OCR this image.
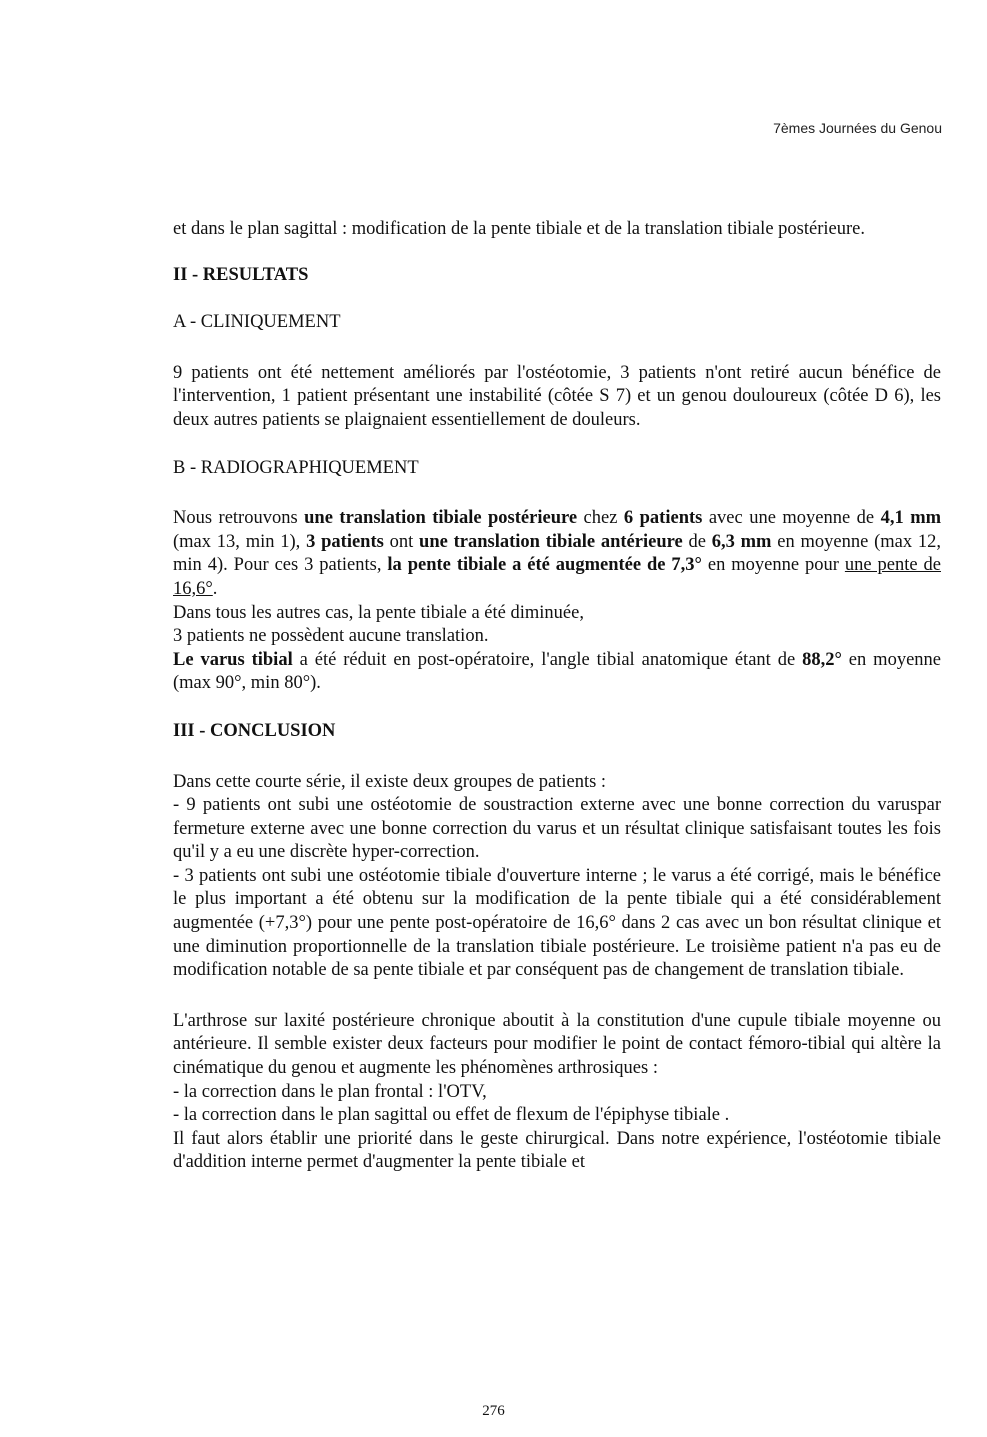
7èmes Journées du Genou

et dans le plan sagittal : modification de la pente tibiale et de la translation tibiale postérieure.

II - RESULTATS
A - CLINIQUEMENT

9 patients ont été nettement améliorés par l'ostéotomie, 3 patients n'ont retiré aucun bénéfice de l'intervention, 1 patient présentant une instabilité (côtée S 7) et un genou douloureux (côtée D 6), les deux autres patients se plaignaient essentiellement de douleurs.

B - RADIOGRAPHIQUEMENT

Nous retrouvons une translation tibiale postérieure chez 6 patients avec une moyenne de 4,1 mm (max 13, min 1), 3 patients ont une translation tibiale antérieure de 6,3 mm en moyenne (max 12, min 4). Pour ces 3 patients, la pente tibiale a été augmentée de 7,3° en moyenne pour une pente de 16,6°.

Dans tous les autres cas, la pente tibiale a été diminuée,

3 patients ne possèdent aucune translation.

Le varus tibial a été réduit en post-opératoire, l'angle tibial anatomique étant de 88,2° en moyenne (max 90°, min 80°).

III - CONCLUSION

Dans cette courte série, il existe deux groupes de patients :

- 9 patients ont subi une ostéotomie de soustraction externe avec une bonne correction du varuspar fermeture externe avec une bonne correction du varus et un résultat clinique satisfaisant toutes les fois qu'il y a eu une discrète hyper-correction.

- 3 patients ont subi une ostéotomie tibiale d'ouverture interne ; le varus a été corrigé, mais le bénéfice le plus important a été obtenu sur la modification de la pente tibiale qui a été considérablement augmentée (+7,3°) pour une pente post-opératoire de 16,6° dans 2 cas avec un bon résultat clinique et une diminution proportionnelle de la translation tibiale postérieure. Le troisième patient n'a pas eu de modification notable de sa pente tibiale et par conséquent pas de changement de translation tibiale.

L'arthrose sur laxité postérieure chronique aboutit à la constitution d'une cupule tibiale moyenne ou antérieure. Il semble exister deux facteurs pour modifier le point de contact fémoro-tibial qui altère la cinématique du genou et augmente les phénomènes arthrosiques :

- la correction dans le plan frontal : l'OTV,

- la correction dans le plan sagittal ou effet de flexum de l'épiphyse tibiale .

Il faut alors établir une priorité dans le geste chirurgical. Dans notre expérience, l'ostéotomie tibiale d'addition interne permet d'augmenter la pente tibiale et

276
